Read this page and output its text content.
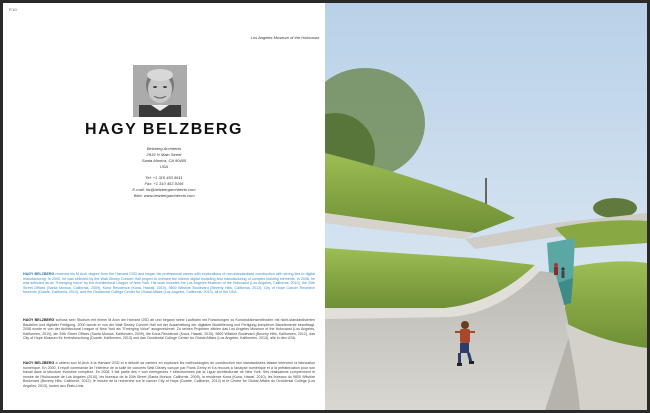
P.10
Los Angeles Museum of the Holocaust
HAGY BELZBERG
Belzberg Architects
2919 ½ Main Street
Santa Monica, CA 90405
USA
Tel: +1 310 453 9611
Fax: +1 310 453 9166
E-mail: hb@belzbergarchitects.com
Web: www.belzbergarchitects.com
HAGY BELZBERG received his M.Arch degree from the Harvard GSD and began his professional career with explorations of non-standardized construction with strong ties to digital manufacturing. In 2000, he was selected by the Walt Disney Concert Hall project to oversee the interior digital modeling and manufacturing of complex building elements. In 2008, he was selected as an "Emerging Voice" by the Architectural League of New York. His work includes the Los Angeles Museum of the Holocaust (Los Angeles, California, 2010), the 20th Street Offices (Santa Monica, California, 2009), Kona Residence (Kona, Hawaii, 2010), 9800 Wilshire Boulevard (Beverly Hills, California, 2012), City of Hope Cancer Research Museum (Duarte, California, 2013), and the Occidental College Center for Global Affairs (Los Angeles, California, 2013), all in the USA.
HAGY BELZBERG schloss sein Studium mit einem M.Arch am Harvard GSD ab und begann seine Laufbahn mit Forschungen zu Konstruktionsmethoden mit nicht-standardisierten Bauteilen und digitaler Fertigung. 2000 wurde er von der Walt Disney Concert Hall mit der Ausarbeitung der digitalen Modellierung und Fertigung komplexer Bauelemente beauftragt. 2008 wurde er von der Architectural League of New York als "Emerging Voice" ausgezeichnet. Zu seinen Projekten zählen das Los Angeles Museum of the Holocaust (Los Angeles, Kalifornien, 2010), die 20th Street Offices (Santa Monica, Kalifornien, 2009), die Kona Residence (Kona, Hawaii, 2010), 9800 Wilshire Boulevard (Beverly Hills, Kalifornien, 2012), das City of Hope Museum für Krebsforschung (Duarte, Kalifornien, 2013) und das Occidental College Center for Global Affairs (Los Angeles, Kalifornien, 2013), alle in den USA.
HAGY BELZBERG a obtenu son M.Arch à la Harvard GSD et a débuté sa carrière en explorant les méthodologies de construction non standardisées faisant intervenir la fabrication numérique. En 2000, il reçoit commande de l'intérieur de la salle de concerts Walt Disney conçue par Frank Gehry et il a recours à l'analyse numérique et à la préfabrication pour son travail dans la structure évolutive complexe. En 2008, il fait partie des « voix émergentes » sélectionnées par la Ligue architecturale de New York. Ses réalisations comprennent le musée de l'Holocauste de Los Angeles (2010), les bureaux de la 20th Street (Santa Monica, Californie, 2009), la résidence Kona (Kona, Hawaï, 2010), les bureaux du 9800 Wilshire Boulevard (Beverly Hills, Californie, 2012), le musée de la recherche sur le cancer City of Hope (Duarte, Californie, 2013) et le Centre for Global Affairs du Occidental College (Los Angeles, 2013), toutes aux États-Unis.
